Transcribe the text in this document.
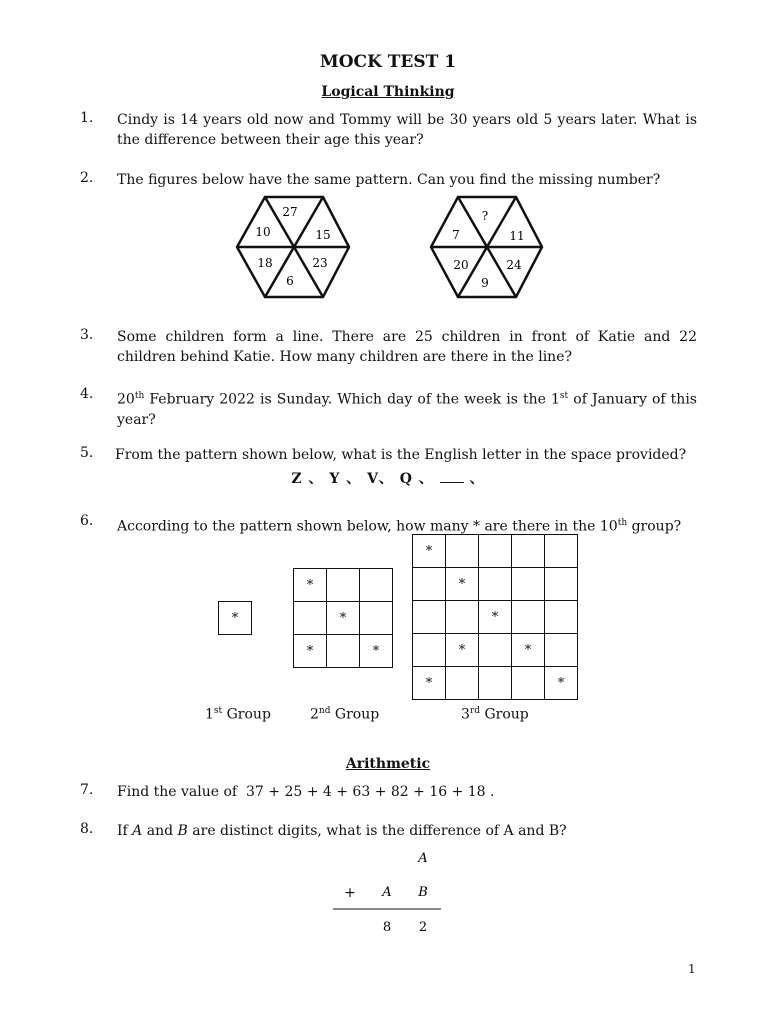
MOCK TEST 1
Logical Thinking
1. Cindy is 14 years old now and Tommy will be 30 years old 5 years later. What is the difference between their age this year?
2. The figures below have the same pattern. Can you find the missing number?
27
15
23
6
18
10
?
11
24
9
20
7
3. Some children form a line. There are 25 children in front of Katie and 22 children behind Katie. How many children are there in the line?
4. 20th February 2022 is Sunday. Which day of the week is the 1st of January of this year?
5. From the pattern shown below, what is the English letter in the space provided?
Z 、 Y 、 V、 Q 、  、
6. According to the pattern shown below, how many * are there in the 10th group?
*
*		
	*	
*		*
*				
	*			
		*		
	*		*	
*				*
1st Group	2nd Group	3rd Group
Arithmetic
7. Find the value of 37 + 25 + 4 + 63 + 82 + 16 + 18 .
8. If A and B are distinct digits, what is the difference of A and B?
A
+ A B
8 2
1
